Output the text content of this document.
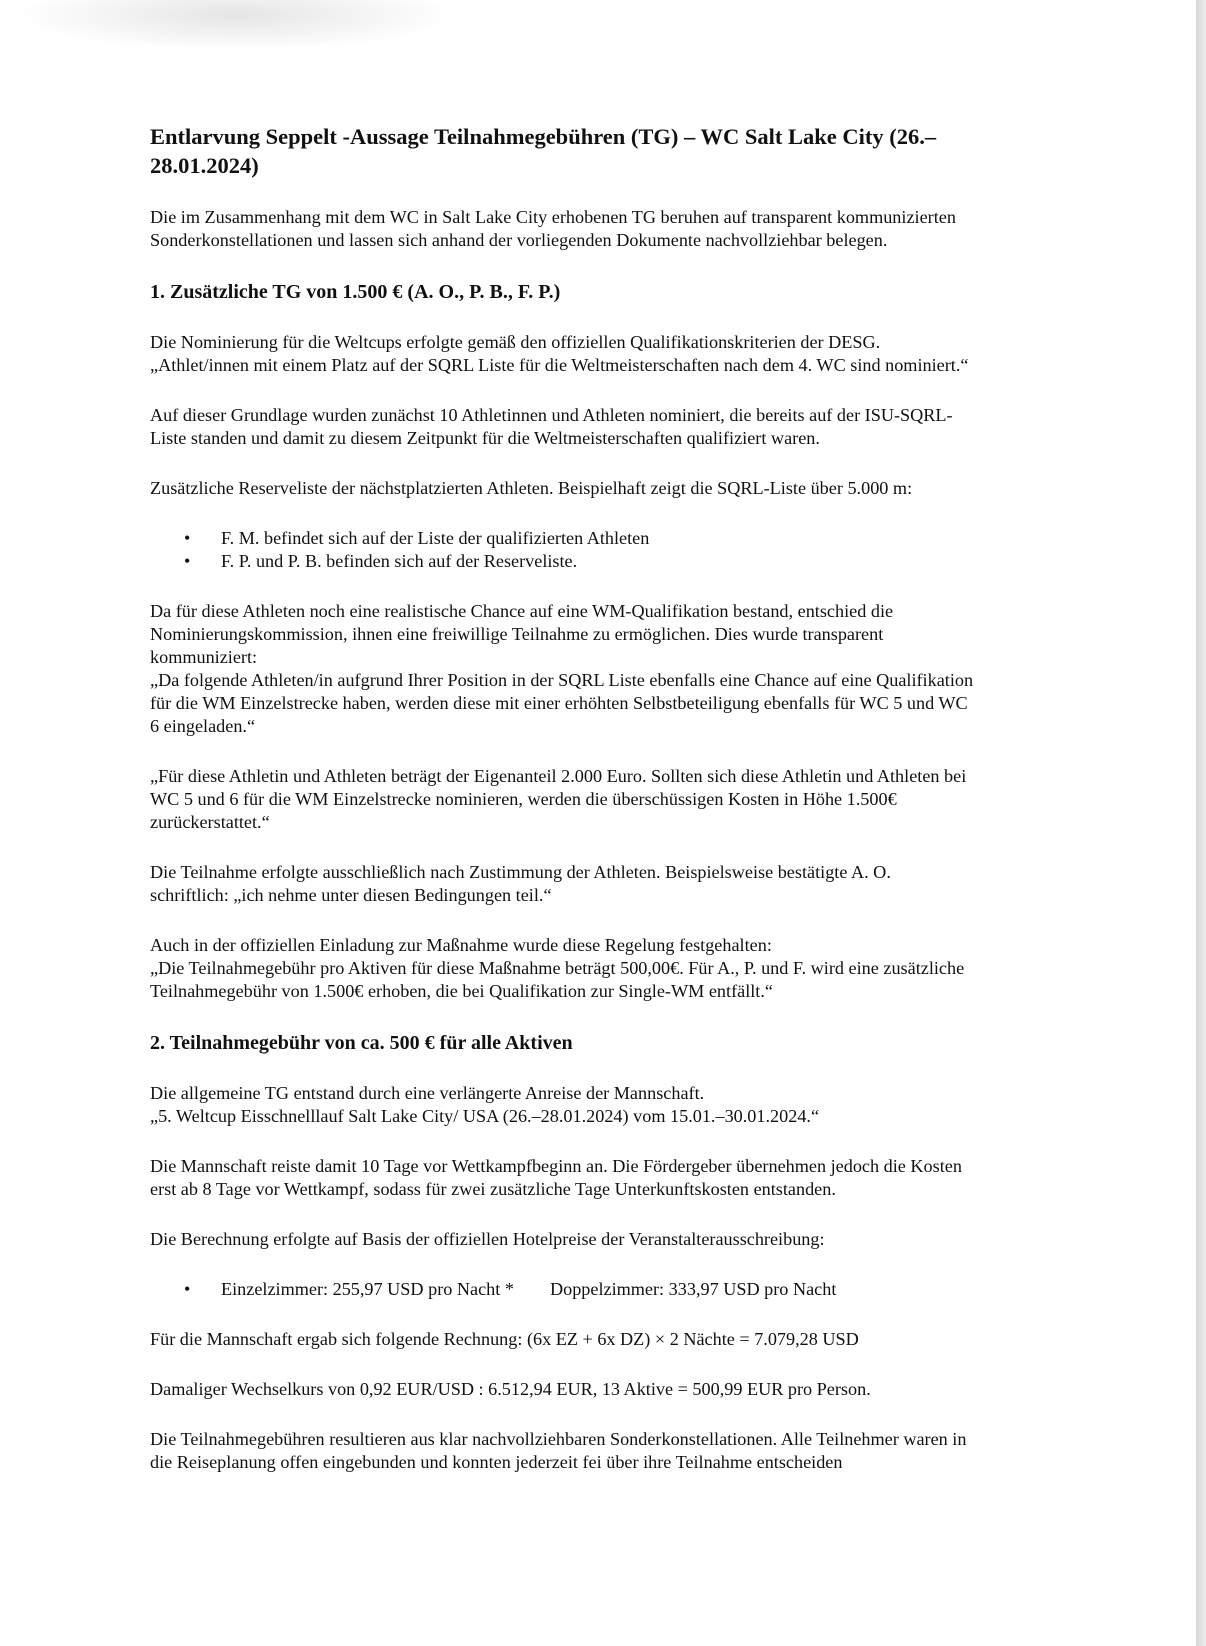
Entlarvung Seppelt -Aussage Teilnahmegebühren (TG) – WC Salt Lake City (26.–
28.01.2024)

Die im Zusammenhang mit dem WC in Salt Lake City erhobenen TG beruhen auf transparent kommunizierten
Sonderkonstellationen und lassen sich anhand der vorliegenden Dokumente nachvollziehbar belegen.

1. Zusätzliche TG von 1.500 € (A. O., P. B., F. P.)

Die Nominierung für die Weltcups erfolgte gemäß den offiziellen Qualifikationskriterien der DESG.
„Athlet/innen mit einem Platz auf der SQRL Liste für die Weltmeisterschaften nach dem 4. WC sind nominiert.“

Auf dieser Grundlage wurden zunächst 10 Athletinnen und Athleten nominiert, die bereits auf der ISU-SQRL-
Liste standen und damit zu diesem Zeitpunkt für die Weltmeisterschaften qualifiziert waren.

Zusätzliche Reserveliste der nächstplatzierten Athleten. Beispielhaft zeigt die SQRL-Liste über 5.000 m:

• F. M. befindet sich auf der Liste der qualifizierten Athleten
• F. P. und P. B. befinden sich auf der Reserveliste.

Da für diese Athleten noch eine realistische Chance auf eine WM-Qualifikation bestand, entschied die
Nominierungskommission, ihnen eine freiwillige Teilnahme zu ermöglichen. Dies wurde transparent
kommuniziert:
„Da folgende Athleten/in aufgrund Ihrer Position in der SQRL Liste ebenfalls eine Chance auf eine Qualifikation
für die WM Einzelstrecke haben, werden diese mit einer erhöhten Selbstbeteiligung ebenfalls für WC 5 und WC
6 eingeladen.“

„Für diese Athletin und Athleten beträgt der Eigenanteil 2.000 Euro. Sollten sich diese Athletin und Athleten bei
WC 5 und 6 für die WM Einzelstrecke nominieren, werden die überschüssigen Kosten in Höhe 1.500€
zurückerstattet.“

Die Teilnahme erfolgte ausschließlich nach Zustimmung der Athleten. Beispielsweise bestätigte A. O.
schriftlich: „ich nehme unter diesen Bedingungen teil.“

Auch in der offiziellen Einladung zur Maßnahme wurde diese Regelung festgehalten:
„Die Teilnahmegebühr pro Aktiven für diese Maßnahme beträgt 500,00€. Für A., P. und F. wird eine zusätzliche
Teilnahmegebühr von 1.500€ erhoben, die bei Qualifikation zur Single-WM entfällt.“

2. Teilnahmegebühr von ca. 500 € für alle Aktiven

Die allgemeine TG entstand durch eine verlängerte Anreise der Mannschaft.
„5. Weltcup Eisschnelllauf Salt Lake City/ USA (26.–28.01.2024) vom 15.01.–30.01.2024.“

Die Mannschaft reiste damit 10 Tage vor Wettkampfbeginn an. Die Fördergeber übernehmen jedoch die Kosten
erst ab 8 Tage vor Wettkampf, sodass für zwei zusätzliche Tage Unterkunftskosten entstanden.

Die Berechnung erfolgte auf Basis der offiziellen Hotelpreise der Veranstalterausschreibung:

• Einzelzimmer: 255,97 USD pro Nacht * Doppelzimmer: 333,97 USD pro Nacht

Für die Mannschaft ergab sich folgende Rechnung: (6x EZ + 6x DZ) × 2 Nächte = 7.079,28 USD

Damaliger Wechselkurs von 0,92 EUR/USD : 6.512,94 EUR, 13 Aktive = 500,99 EUR pro Person.

Die Teilnahmegebühren resultieren aus klar nachvollziehbaren Sonderkonstellationen. Alle Teilnehmer waren in
die Reiseplanung offen eingebunden und konnten jederzeit fei über ihre Teilnahme entscheiden
